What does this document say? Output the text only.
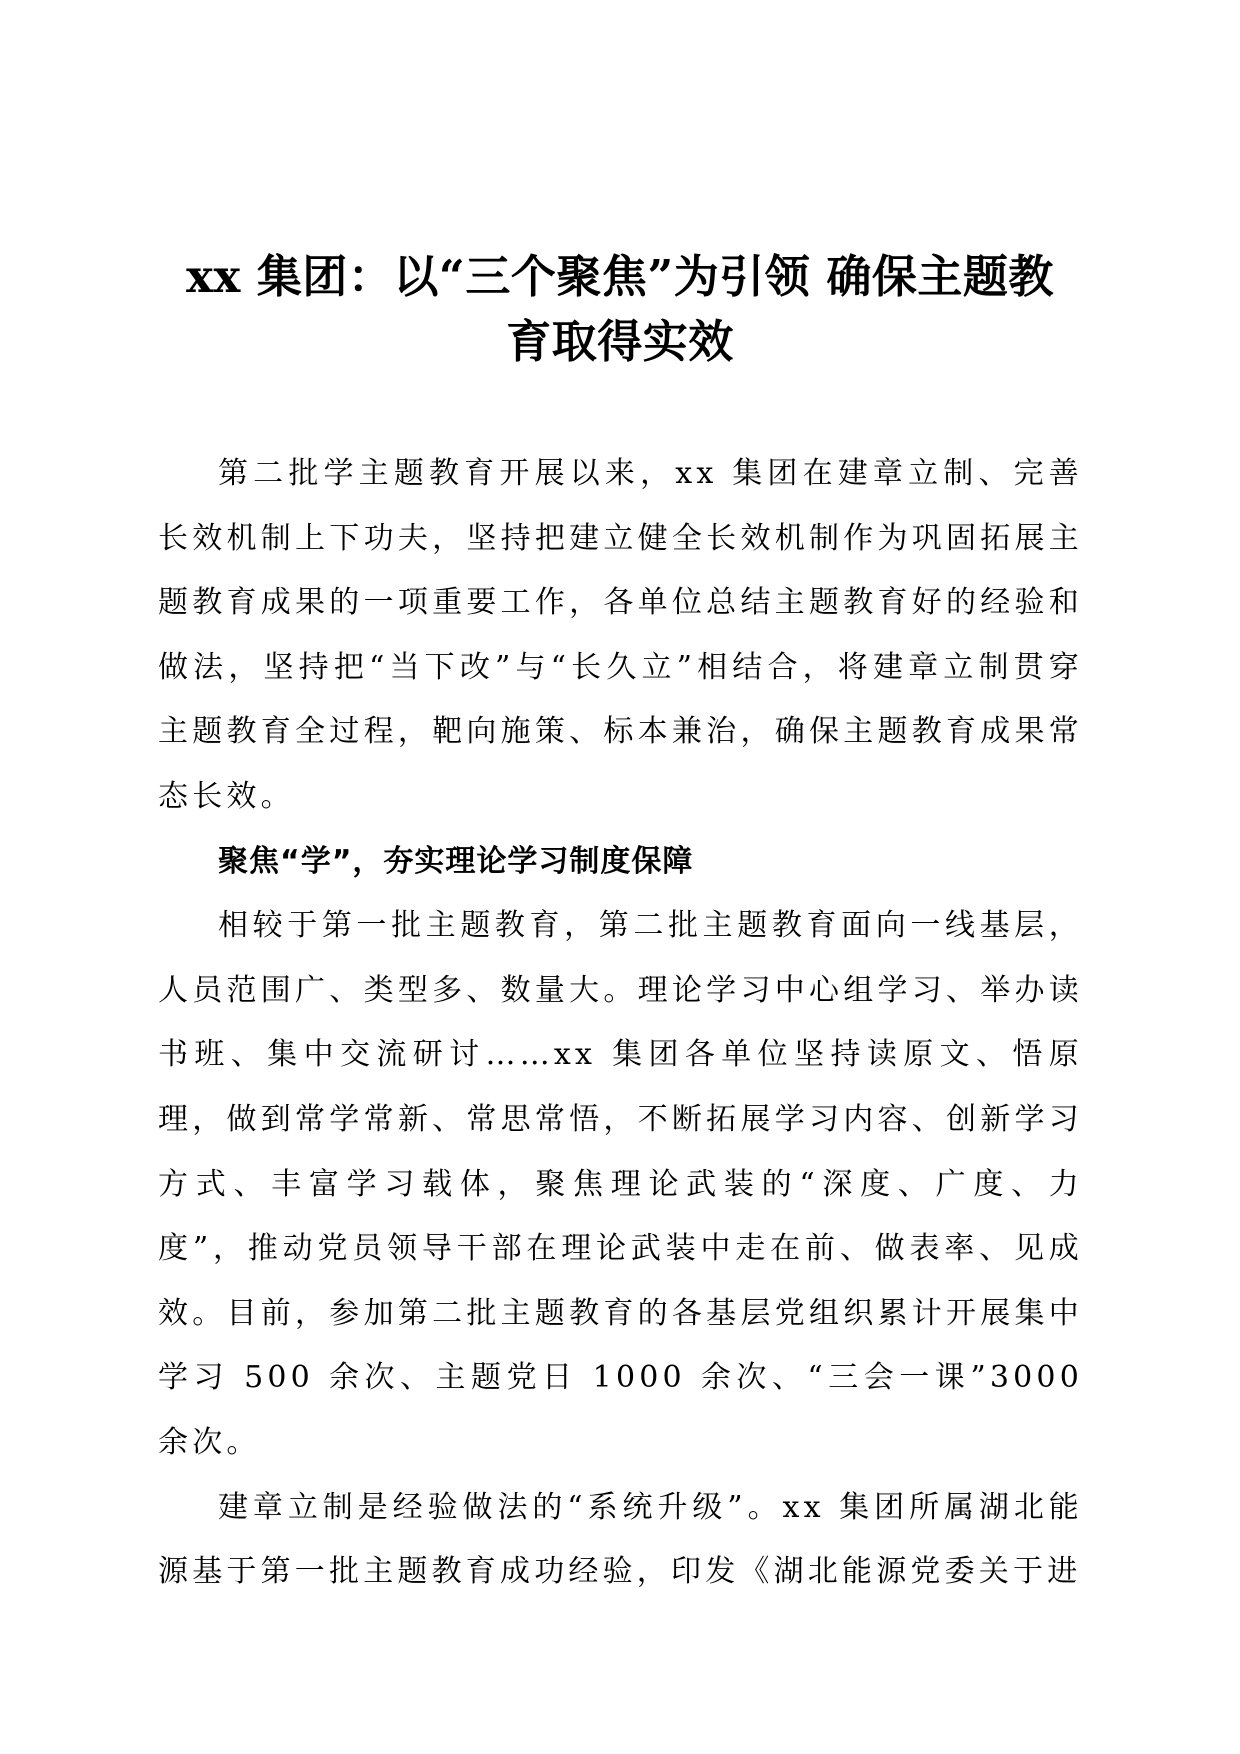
xx 集团：以“三个聚焦”为引领 确保主题教
育取得实效

第二批学主题教育开展以来，xx 集团在建章立制、完善长效机制上下功夫，坚持把建立健全长效机制作为巩固拓展主题教育成果的一项重要工作，各单位总结主题教育好的经验和做法，坚持把“当下改”与“长久立”相结合，将建章立制贯穿主题教育全过程，靶向施策、标本兼治，确保主题教育成果常态长效。

聚焦“学”，夯实理论学习制度保障

相较于第一批主题教育，第二批主题教育面向一线基层，人员范围广、类型多、数量大。理论学习中心组学习、举办读书班、集中交流研讨……xx 集团各单位坚持读原文、悟原理，做到常学常新、常思常悟，不断拓展学习内容、创新学习方式、丰富学习载体，聚焦理论武装的“深度、广度、力度”，推动党员领导干部在理论武装中走在前、做表率、见成效。目前，参加第二批主题教育的各基层党组织累计开展集中学习 500 余次、主题党日 1000 余次、“三会一课”3000 余次。

建章立制是经验做法的“系统升级”。xx 集团所属湖北能源基于第一批主题教育成功经验，印发《湖北能源党委关于进
